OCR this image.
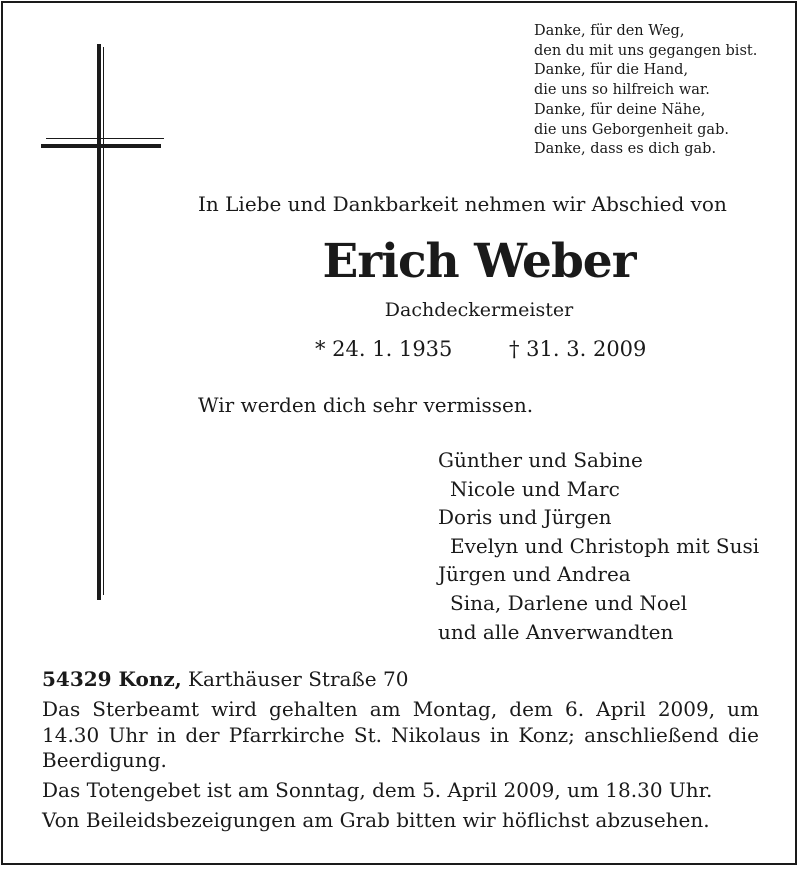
Danke, für den Weg,
den du mit uns gegangen bist.
Danke, für die Hand,
die uns so hilfreich war.
Danke, für deine Nähe,
die uns Geborgenheit gab.
Danke, dass es dich gab.
In Liebe und Dankbarkeit nehmen wir Abschied von
Erich Weber
Dachdeckermeister
* 24. 1. 1935	† 31. 3. 2009
Wir werden dich sehr vermissen.
Günther und Sabine
Nicole und Marc
Doris und Jürgen
Evelyn und Christoph mit Susi
Jürgen und Andrea
Sina, Darlene und Noel
und alle Anverwandten
54329 Konz, Karthäuser Straße 70
Das Sterbeamt wird gehalten am Montag, dem 6. April 2009, um 14.30 Uhr in der Pfarrkirche St. Nikolaus in Konz; anschließend die Beerdigung.
Das Totengebet ist am Sonntag, dem 5. April 2009, um 18.30 Uhr.
Von Beileidsbezeigungen am Grab bitten wir höflichst abzusehen.
